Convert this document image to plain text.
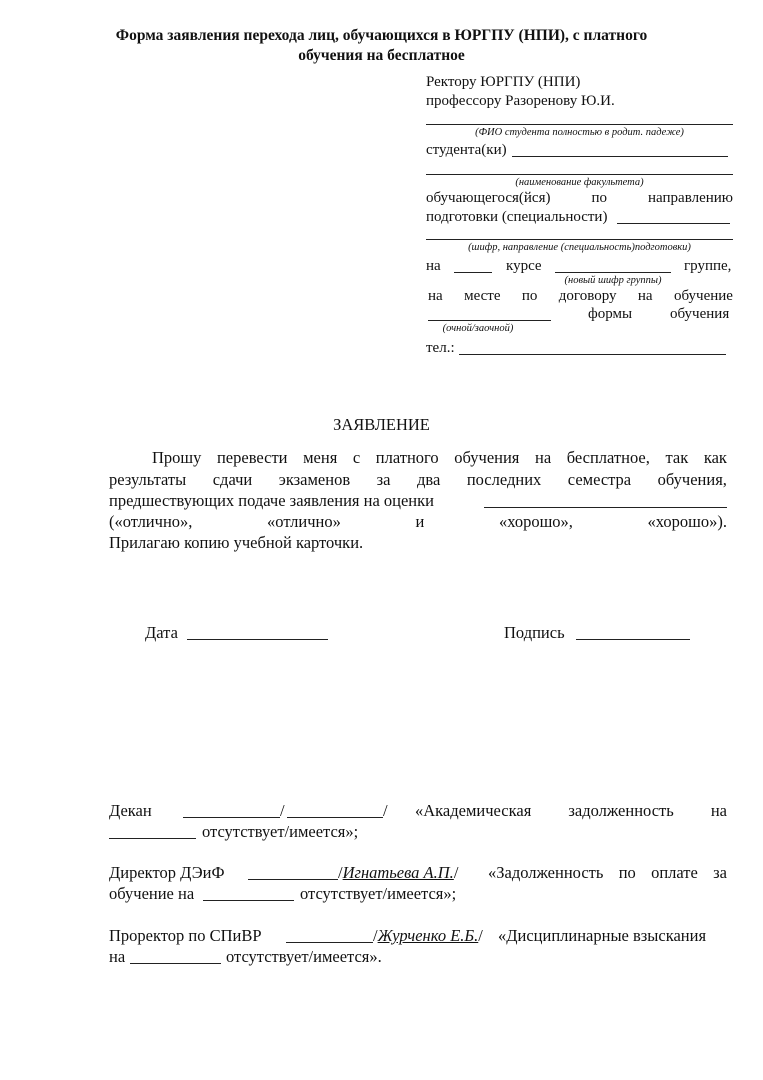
Форма заявления перехода лиц, обучающихся в ЮРГПУ (НПИ), с платного
обучения на бесплатное
Ректору ЮРГПУ (НПИ)
профессору Разоренову Ю.И.
(ФИО студента полностью в родит. падеже)
студента(ки)
(наименование факультета)
обучающегося(йся)	по	направлению
подготовки (специальности)
(шифр, направление (специальность)подготовки)
на	курсе	группе,
(новый шифр группы)
на месте по договору на обучение
формы	обучения
(очной/заочной)
тел.:
ЗАЯВЛЕНИЕ
Прошу перевести меня с платного обучения на бесплатное, так как
результаты сдачи экзаменов за два последних семестра обучения,
предшествующих подаче заявления на оценки
(«отлично»,	«отлично»	и	«хорошо»,	«хорошо»).
Прилагаю копию учебной карточки.
Дата	Подпись
Декан	/	/ «Академическая задолженность на
отсутствует/имеется»;
Директор ДЭиФ	/Игнатьева А.П./ «Задолженность по оплате за
обучение на	отсутствует/имеется»;
Проректор по СПиВР	/Журченко Е.Б./ «Дисциплинарные взыскания
на	отсутствует/имеется».
